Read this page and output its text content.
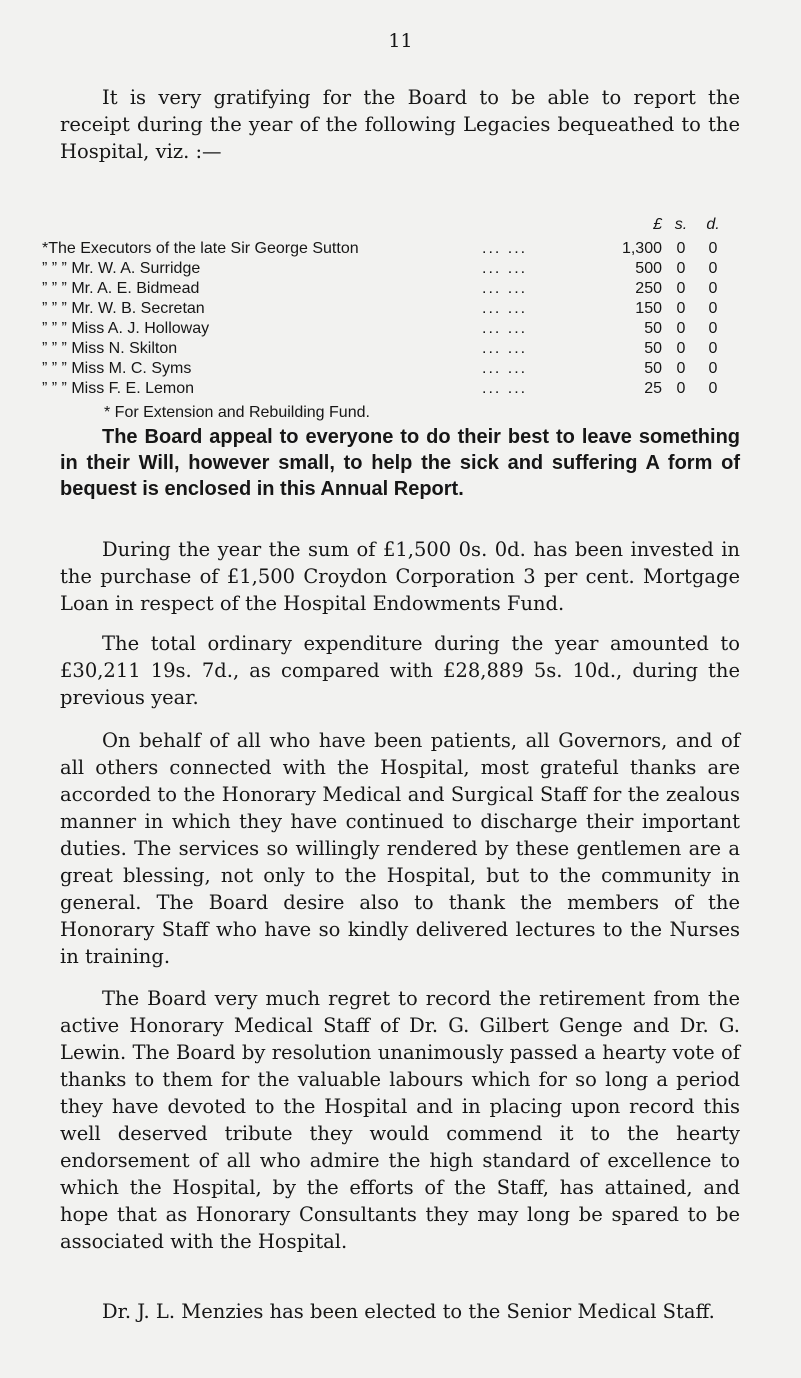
11

It is very gratifying for the Board to be able to report the receipt during the year of the following Legacies bequeathed to the Hospital, viz. :—

£ s. d.
*The Executors of the late Sir George Sutton	... ...	1,300 0 0
” ” ” Mr. W. A. Surridge	... ...	500 0 0
” ” ” Mr. A. E. Bidmead	... ...	250 0 0
” ” ” Mr. W. B. Secretan	... ...	150 0 0
” ” ” Miss A. J. Holloway	... ...	50 0 0
” ” ” Miss N. Skilton	... ...	50 0 0
” ” ” Miss M. C. Syms	... ...	50 0 0
” ” ” Miss F. E. Lemon	... ...	25 0 0
* For Extension and Rebuilding Fund.

The Board appeal to everyone to do their best to leave something in their Will, however small, to help the sick and suffering A form of bequest is enclosed in this Annual Report.

During the year the sum of £1,500 0s. 0d. has been invested in the purchase of £1,500 Croydon Corporation 3 per cent. Mortgage Loan in respect of the Hospital Endowments Fund.

The total ordinary expenditure during the year amounted to £30,211 19s. 7d., as compared with £28,889 5s. 10d., during the previous year.

On behalf of all who have been patients, all Governors, and of all others connected with the Hospital, most grateful thanks are accorded to the Honorary Medical and Surgical Staff for the zealous manner in which they have continued to discharge their important duties. The services so willingly rendered by these gentlemen are a great blessing, not only to the Hospital, but to the community in general. The Board desire also to thank the members of the Honorary Staff who have so kindly delivered lectures to the Nurses in training.

The Board very much regret to record the retirement from the active Honorary Medical Staff of Dr. G. Gilbert Genge and Dr. G. Lewin. The Board by resolution unanimously passed a hearty vote of thanks to them for the valuable labours which for so long a period they have devoted to the Hospital and in placing upon record this well deserved tribute they would commend it to the hearty endorsement of all who admire the high standard of excellence to which the Hospital, by the efforts of the Staff, has attained, and hope that as Honorary Consultants they may long be spared to be associated with the Hospital.

Dr. J. L. Menzies has been elected to the Senior Medical Staff.
